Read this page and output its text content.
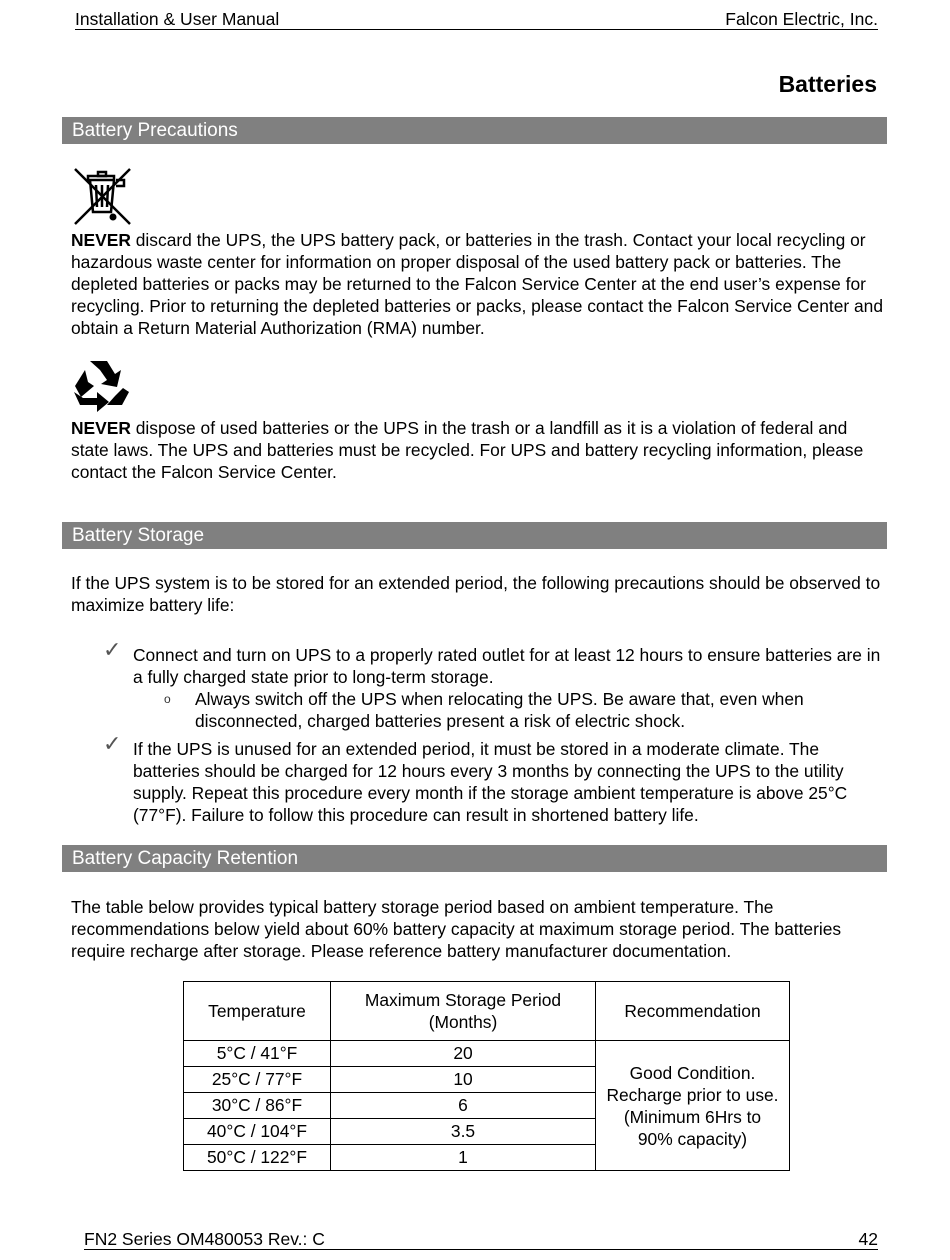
Installation & User Manual	Falcon Electric, Inc.
Batteries
Battery Precautions
NEVER discard the UPS, the UPS battery pack, or batteries in the trash. Contact your local recycling or hazardous waste center for information on proper disposal of the used battery pack or batteries. The depleted batteries or packs may be returned to the Falcon Service Center at the end user’s expense for recycling. Prior to returning the depleted batteries or packs, please contact the Falcon Service Center and obtain a Return Material Authorization (RMA) number.
NEVER dispose of used batteries or the UPS in the trash or a landfill as it is a violation of federal and state laws. The UPS and batteries must be recycled. For UPS and battery recycling information, please contact the Falcon Service Center.
Battery Storage
If the UPS system is to be stored for an extended period, the following precautions should be observed to maximize battery life:
✓ Connect and turn on UPS to a properly rated outlet for at least 12 hours to ensure batteries are in a fully charged state prior to long-term storage.
o Always switch off the UPS when relocating the UPS. Be aware that, even when disconnected, charged batteries present a risk of electric shock.
✓ If the UPS is unused for an extended period, it must be stored in a moderate climate. The batteries should be charged for 12 hours every 3 months by connecting the UPS to the utility supply. Repeat this procedure every month if the storage ambient temperature is above 25°C (77°F). Failure to follow this procedure can result in shortened battery life.
Battery Capacity Retention
The table below provides typical battery storage period based on ambient temperature. The recommendations below yield about 60% battery capacity at maximum storage period. The batteries require recharge after storage. Please reference battery manufacturer documentation.
Temperature	Maximum Storage Period (Months)	Recommendation
5°C / 41°F	20	Good Condition. Recharge prior to use. (Minimum 6Hrs to 90% capacity)
25°C / 77°F	10	
30°C / 86°F	6	
40°C / 104°F	3.5	
50°C / 122°F	1	
FN2 Series OM480053 Rev.: C	42
